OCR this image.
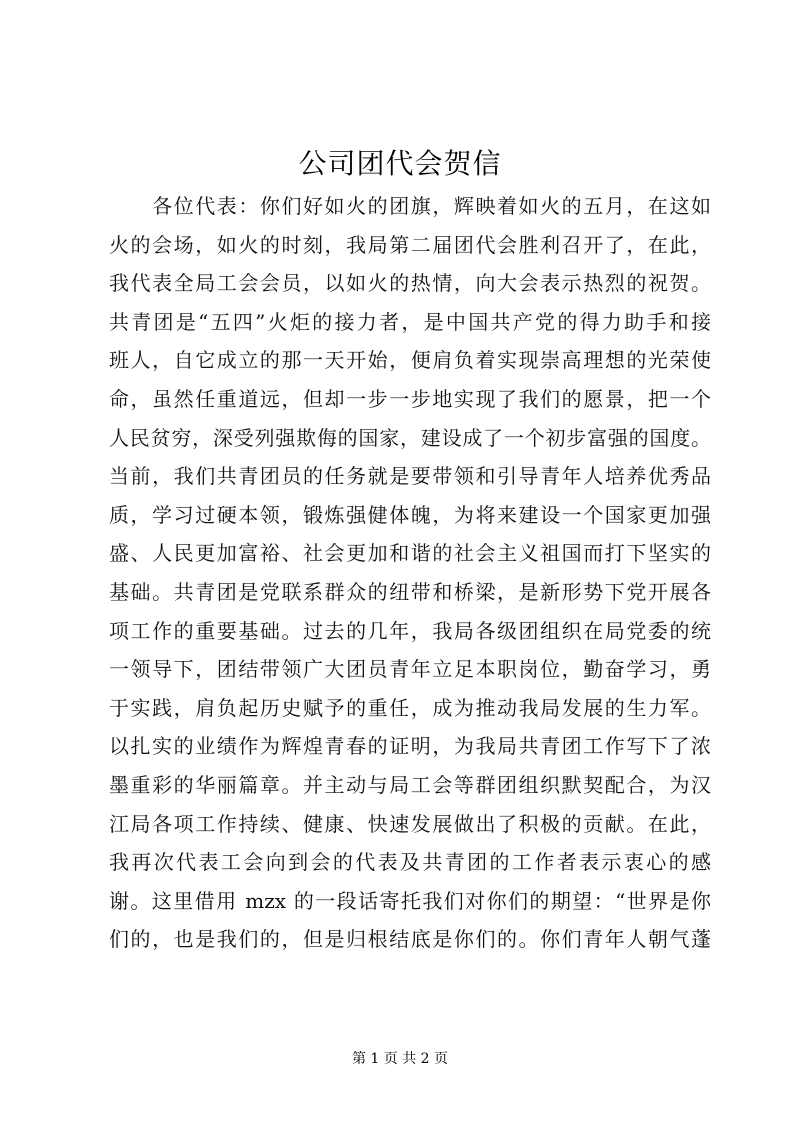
公司团代会贺信
　　各位代表：你们好如火的团旗，辉映着如火的五月，在这如
火的会场，如火的时刻，我局第二届团代会胜利召开了，在此，
我代表全局工会会员，以如火的热情，向大会表示热烈的祝贺。
共青团是“五四”火炬的接力者，是中国共产党的得力助手和接
班人，自它成立的那一天开始，便肩负着实现崇高理想的光荣使
命，虽然任重道远，但却一步一步地实现了我们的愿景，把一个
人民贫穷，深受列强欺侮的国家，建设成了一个初步富强的国度。
当前，我们共青团员的任务就是要带领和引导青年人培养优秀品
质，学习过硬本领，锻炼强健体魄，为将来建设一个国家更加强
盛、人民更加富裕、社会更加和谐的社会主义祖国而打下坚实的
基础。共青团是党联系群众的纽带和桥梁，是新形势下党开展各
项工作的重要基础。过去的几年，我局各级团组织在局党委的统
一领导下，团结带领广大团员青年立足本职岗位，勤奋学习，勇
于实践，肩负起历史赋予的重任，成为推动我局发展的生力军。
以扎实的业绩作为辉煌青春的证明，为我局共青团工作写下了浓
墨重彩的华丽篇章。并主动与局工会等群团组织默契配合，为汉
江局各项工作持续、健康、快速发展做出了积极的贡献。在此，
我再次代表工会向到会的代表及共青团的工作者表示衷心的感
谢。这里借用 mzx 的一段话寄托我们对你们的期望：“世界是你
们的，也是我们的，但是归根结底是你们的。你们青年人朝气蓬
第 1 页 共 2 页
